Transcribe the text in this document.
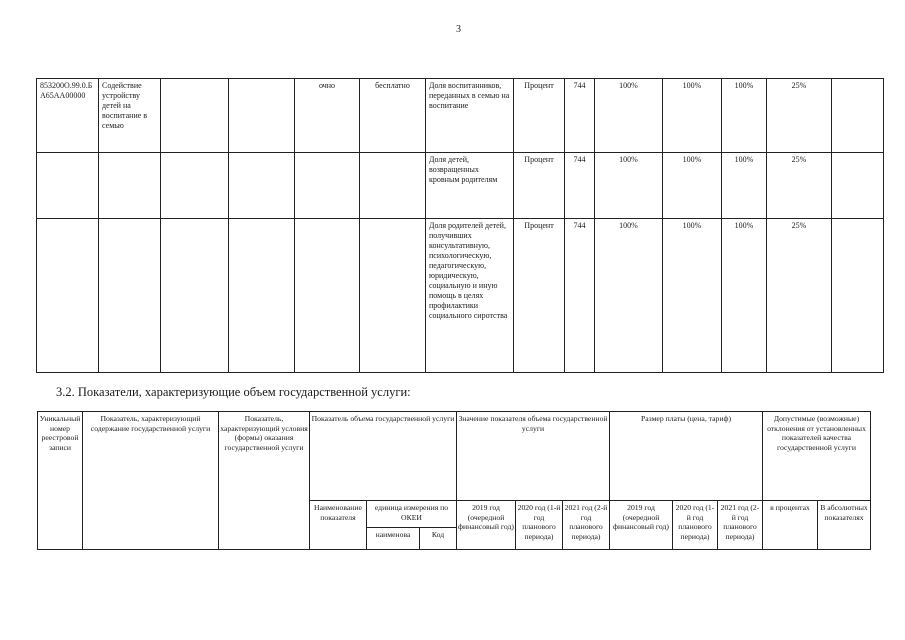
3
853200О.99.0.БА65АА00000	Содействие устройству детей на воспитание в семью			очно	бесплатно	Доля воспитанников, переданных в семью на воспитание	Процент	744	100%	100%	100%	25%	
						Доля детей, возвращенных кровным родителям	Процент	744	100%	100%	100%	25%	
						Доля родителей детей, получивших консультативную, психологическую, педагогическую, юридическую, социальную и иную помощь в целях профилактики социального сиротства	Процент	744	100%	100%	100%	25%	
3.2. Показатели, характеризующие объем государственной услуги:
Уникальный номер реестровой записи	Показатель, характеризующий содержание государственной услуги	Показатель, характеризующий условия (формы) оказания государственной услуги	Показатель объема государственной услуги			Значение показателя объема государственной услуги			Размер платы (цена, тариф)			Допустимые (возможные) отклонения от установленных показателей качества государственной услуги	
			Наименование показателя	единица измерения по ОКЕИ		2019 год (очередной финансовый год)	2020 год (1-й год планового периода)	2021 год (2-й год планового периода)	2019 год (очередной финансовый год)	2020 год (1-й год планового периода)	2021 год (2-й год планового периода)	в процентах	В абсолютных показателях
				наименова	Код								
